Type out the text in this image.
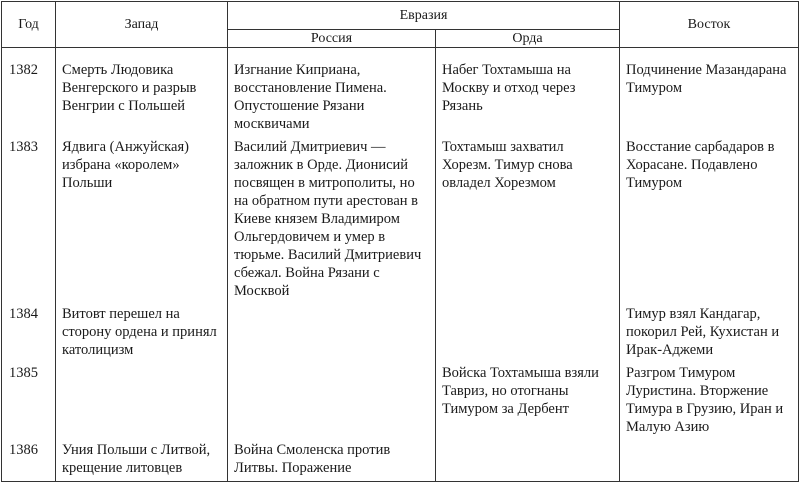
Год	Запад	Евразия		Восток
		Россия	Орда	
1382	Смерть Людовика Венгерского и разрыв Венгрии с Польшей	Изгнание Киприана, восстановление Пимена. Опустошение Рязани москвичами	Набег Тохтамыша на Москву и отход через Рязань	Подчинение Мазандарана Тимуром
1383	Ядвига (Анжуйская) избрана «королем» Польши	Василий Дмитриевич — заложник в Орде. Дионисий посвящен в митрополиты, но на обратном пути арестован в Киеве князем Владимиром Ольгердовичем и умер в тюрьме. Василий Дмитриевич сбежал. Война Рязани с Москвой	Тохтамыш захватил Хорезм. Тимур снова овладел Хорезмом	Восстание сарбадаров в Хорасане. Подавлено Тимуром
1384	Витовт перешел на сторону ордена и принял католицизм			Тимур взял Кандагар, покорил Рей, Кухистан и Ирак-Аджеми
1385			Войска Тохтамыша взяли Тавриз, но отогнаны Тимуром за Дербент	Разгром Тимуром Луристина. Вторжение Тимура в Грузию, Иран и Малую Азию
1386	Уния Польши с Литвой, крещение литовцев	Война Смоленска против Литвы. Поражение		
